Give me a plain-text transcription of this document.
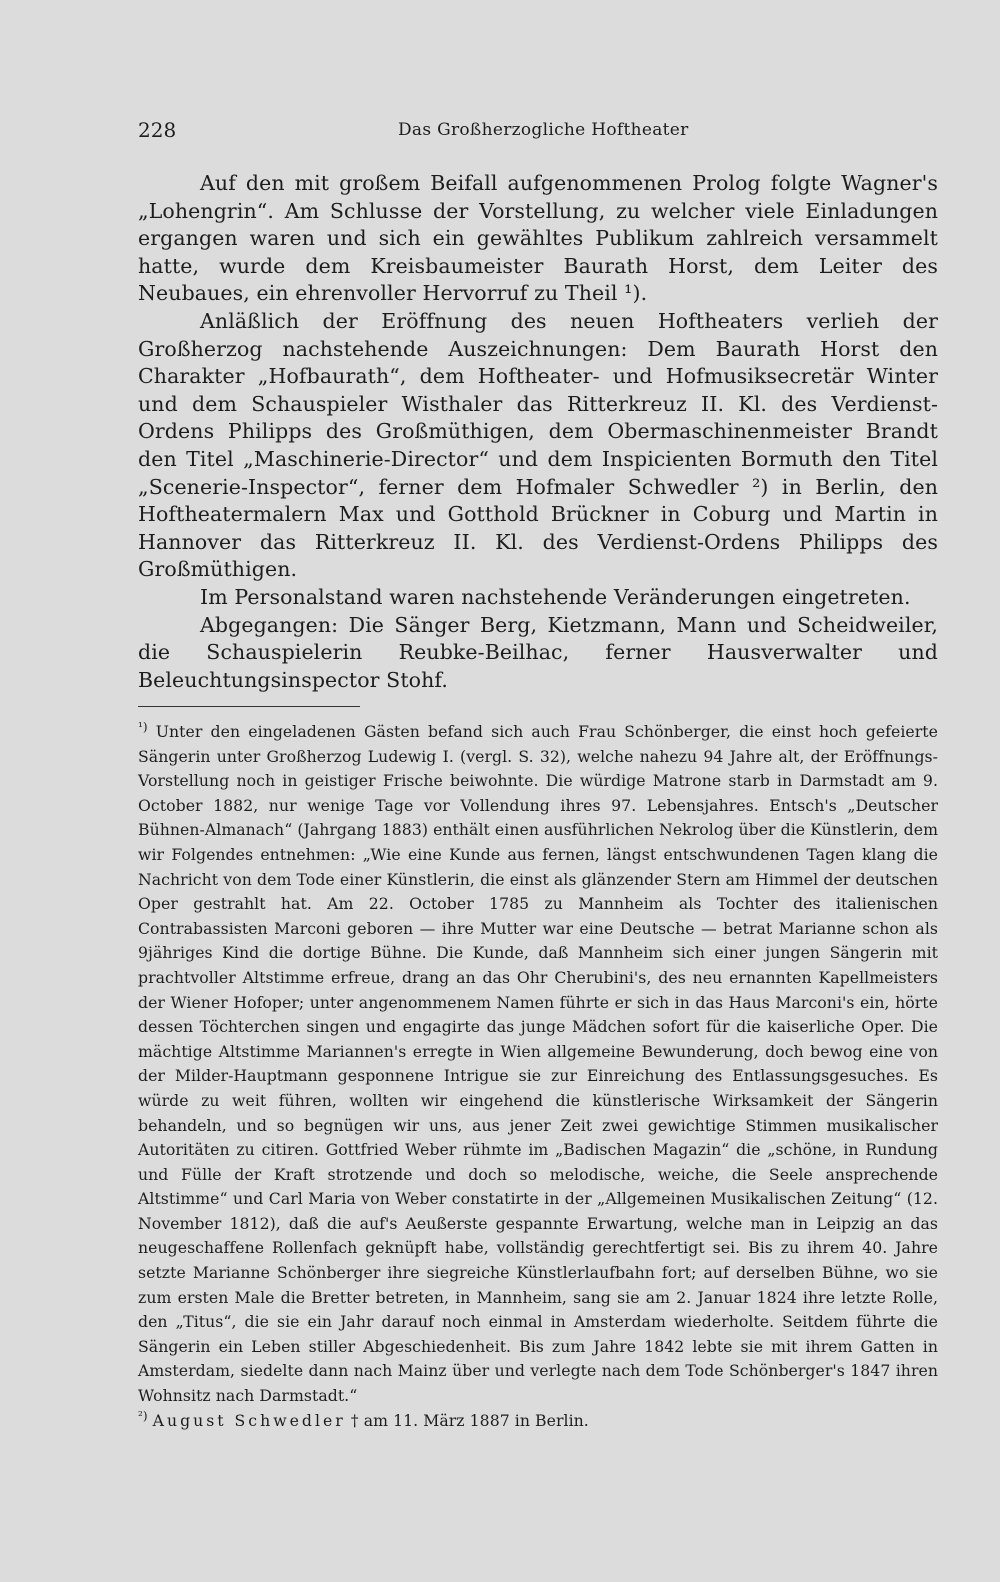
228	Das Großherzogliche Hoftheater

Auf den mit großem Beifall aufgenommenen Prolog folgte Wagner's „Lohengrin“. Am Schlusse der Vorstellung, zu welcher viele Einladungen ergangen waren und sich ein gewähltes Publikum zahlreich versammelt hatte, wurde dem Kreisbaumeister Baurath Horst, dem Leiter des Neubaues, ein ehrenvoller Hervorruf zu Theil ¹).

Anläßlich der Eröffnung des neuen Hoftheaters verlieh der Großherzog nachstehende Auszeichnungen: Dem Baurath Horst den Charakter „Hofbaurath“, dem Hoftheater- und Hofmusiksecretär Winter und dem Schauspieler Wisthaler das Ritterkreuz II. Kl. des Verdienst-Ordens Philipps des Großmüthigen, dem Obermaschinenmeister Brandt den Titel „Maschinerie-Director“ und dem Inspicienten Bormuth den Titel „Scenerie-Inspector“, ferner dem Hofmaler Schwedler ²) in Berlin, den Hoftheatermalern Max und Gotthold Brückner in Coburg und Martin in Hannover das Ritterkreuz II. Kl. des Verdienst-Ordens Philipps des Großmüthigen.

Im Personalstand waren nachstehende Veränderungen eingetreten.

Abgegangen: Die Sänger Berg, Kietzmann, Mann und Scheidweiler, die Schauspielerin Reubke-Beilhac, ferner Hausverwalter und Beleuchtungsinspector Stohf.

$^{^1)}$ Unter den eingeladenen Gästen befand sich auch Frau Schönberger, die einst hoch gefeierte Sängerin unter Großherzog Ludewig I. (vergl. S. 32), welche nahezu 94 Jahre alt, der Eröffnungs-Vorstellung noch in geistiger Frische beiwohnte. Die würdige Matrone starb in Darmstadt am 9. October 1882, nur wenige Tage vor Vollendung ihres 97. Lebensjahres. Entsch's „Deutscher Bühnen-Almanach“ (Jahrgang 1883) enthält einen ausführlichen Nekrolog über die Künstlerin, dem wir Folgendes entnehmen: „Wie eine Kunde aus fernen, längst entschwundenen Tagen klang die Nachricht von dem Tode einer Künstlerin, die einst als glänzender Stern am Himmel der deutschen Oper gestrahlt hat. Am 22. October 1785 zu Mannheim als Tochter des italienischen Contrabassisten Marconi geboren — ihre Mutter war eine Deutsche — betrat Marianne schon als 9jähriges Kind die dortige Bühne. Die Kunde, daß Mannheim sich einer jungen Sängerin mit prachtvoller Altstimme erfreue, drang an das Ohr Cherubini's, des neu ernannten Kapellmeisters der Wiener Hofoper; unter angenommenem Namen führte er sich in das Haus Marconi's ein, hörte dessen Töchterchen singen und engagirte das junge Mädchen sofort für die kaiserliche Oper. Die mächtige Altstimme Mariannen's erregte in Wien allgemeine Bewunderung, doch bewog eine von der Milder-Hauptmann gesponnene Intrigue sie zur Einreichung des Entlassungsgesuches. Es würde zu weit führen, wollten wir eingehend die künstlerische Wirksamkeit der Sängerin behandeln, und so begnügen wir uns, aus jener Zeit zwei gewichtige Stimmen musikalischer Autoritäten zu citiren. Gottfried Weber rühmte im „Badischen Magazin“ die „schöne, in Rundung und Fülle der Kraft strotzende und doch so melodische, weiche, die Seele ansprechende Altstimme“ und Carl Maria von Weber constatirte in der „Allgemeinen Musikalischen Zeitung“ (12. November 1812), daß die auf's Aeußerste gespannte Erwartung, welche man in Leipzig an das neugeschaffene Rollenfach geknüpft habe, vollständig gerechtfertigt sei. Bis zu ihrem 40. Jahre setzte Marianne Schönberger ihre siegreiche Künstlerlaufbahn fort; auf derselben Bühne, wo sie zum ersten Male die Bretter betreten, in Mannheim, sang sie am 2. Januar 1824 ihre letzte Rolle, den „Titus“, die sie ein Jahr darauf noch einmal in Amsterdam wiederholte. Seitdem führte die Sängerin ein Leben stiller Abgeschiedenheit. Bis zum Jahre 1842 lebte sie mit ihrem Gatten in Amsterdam, siedelte dann nach Mainz über und verlegte nach dem Tode Schönberger's 1847 ihren Wohnsitz nach Darmstadt.“

$^{^2)}$ August Schwedler † am 11. März 1887 in Berlin.
